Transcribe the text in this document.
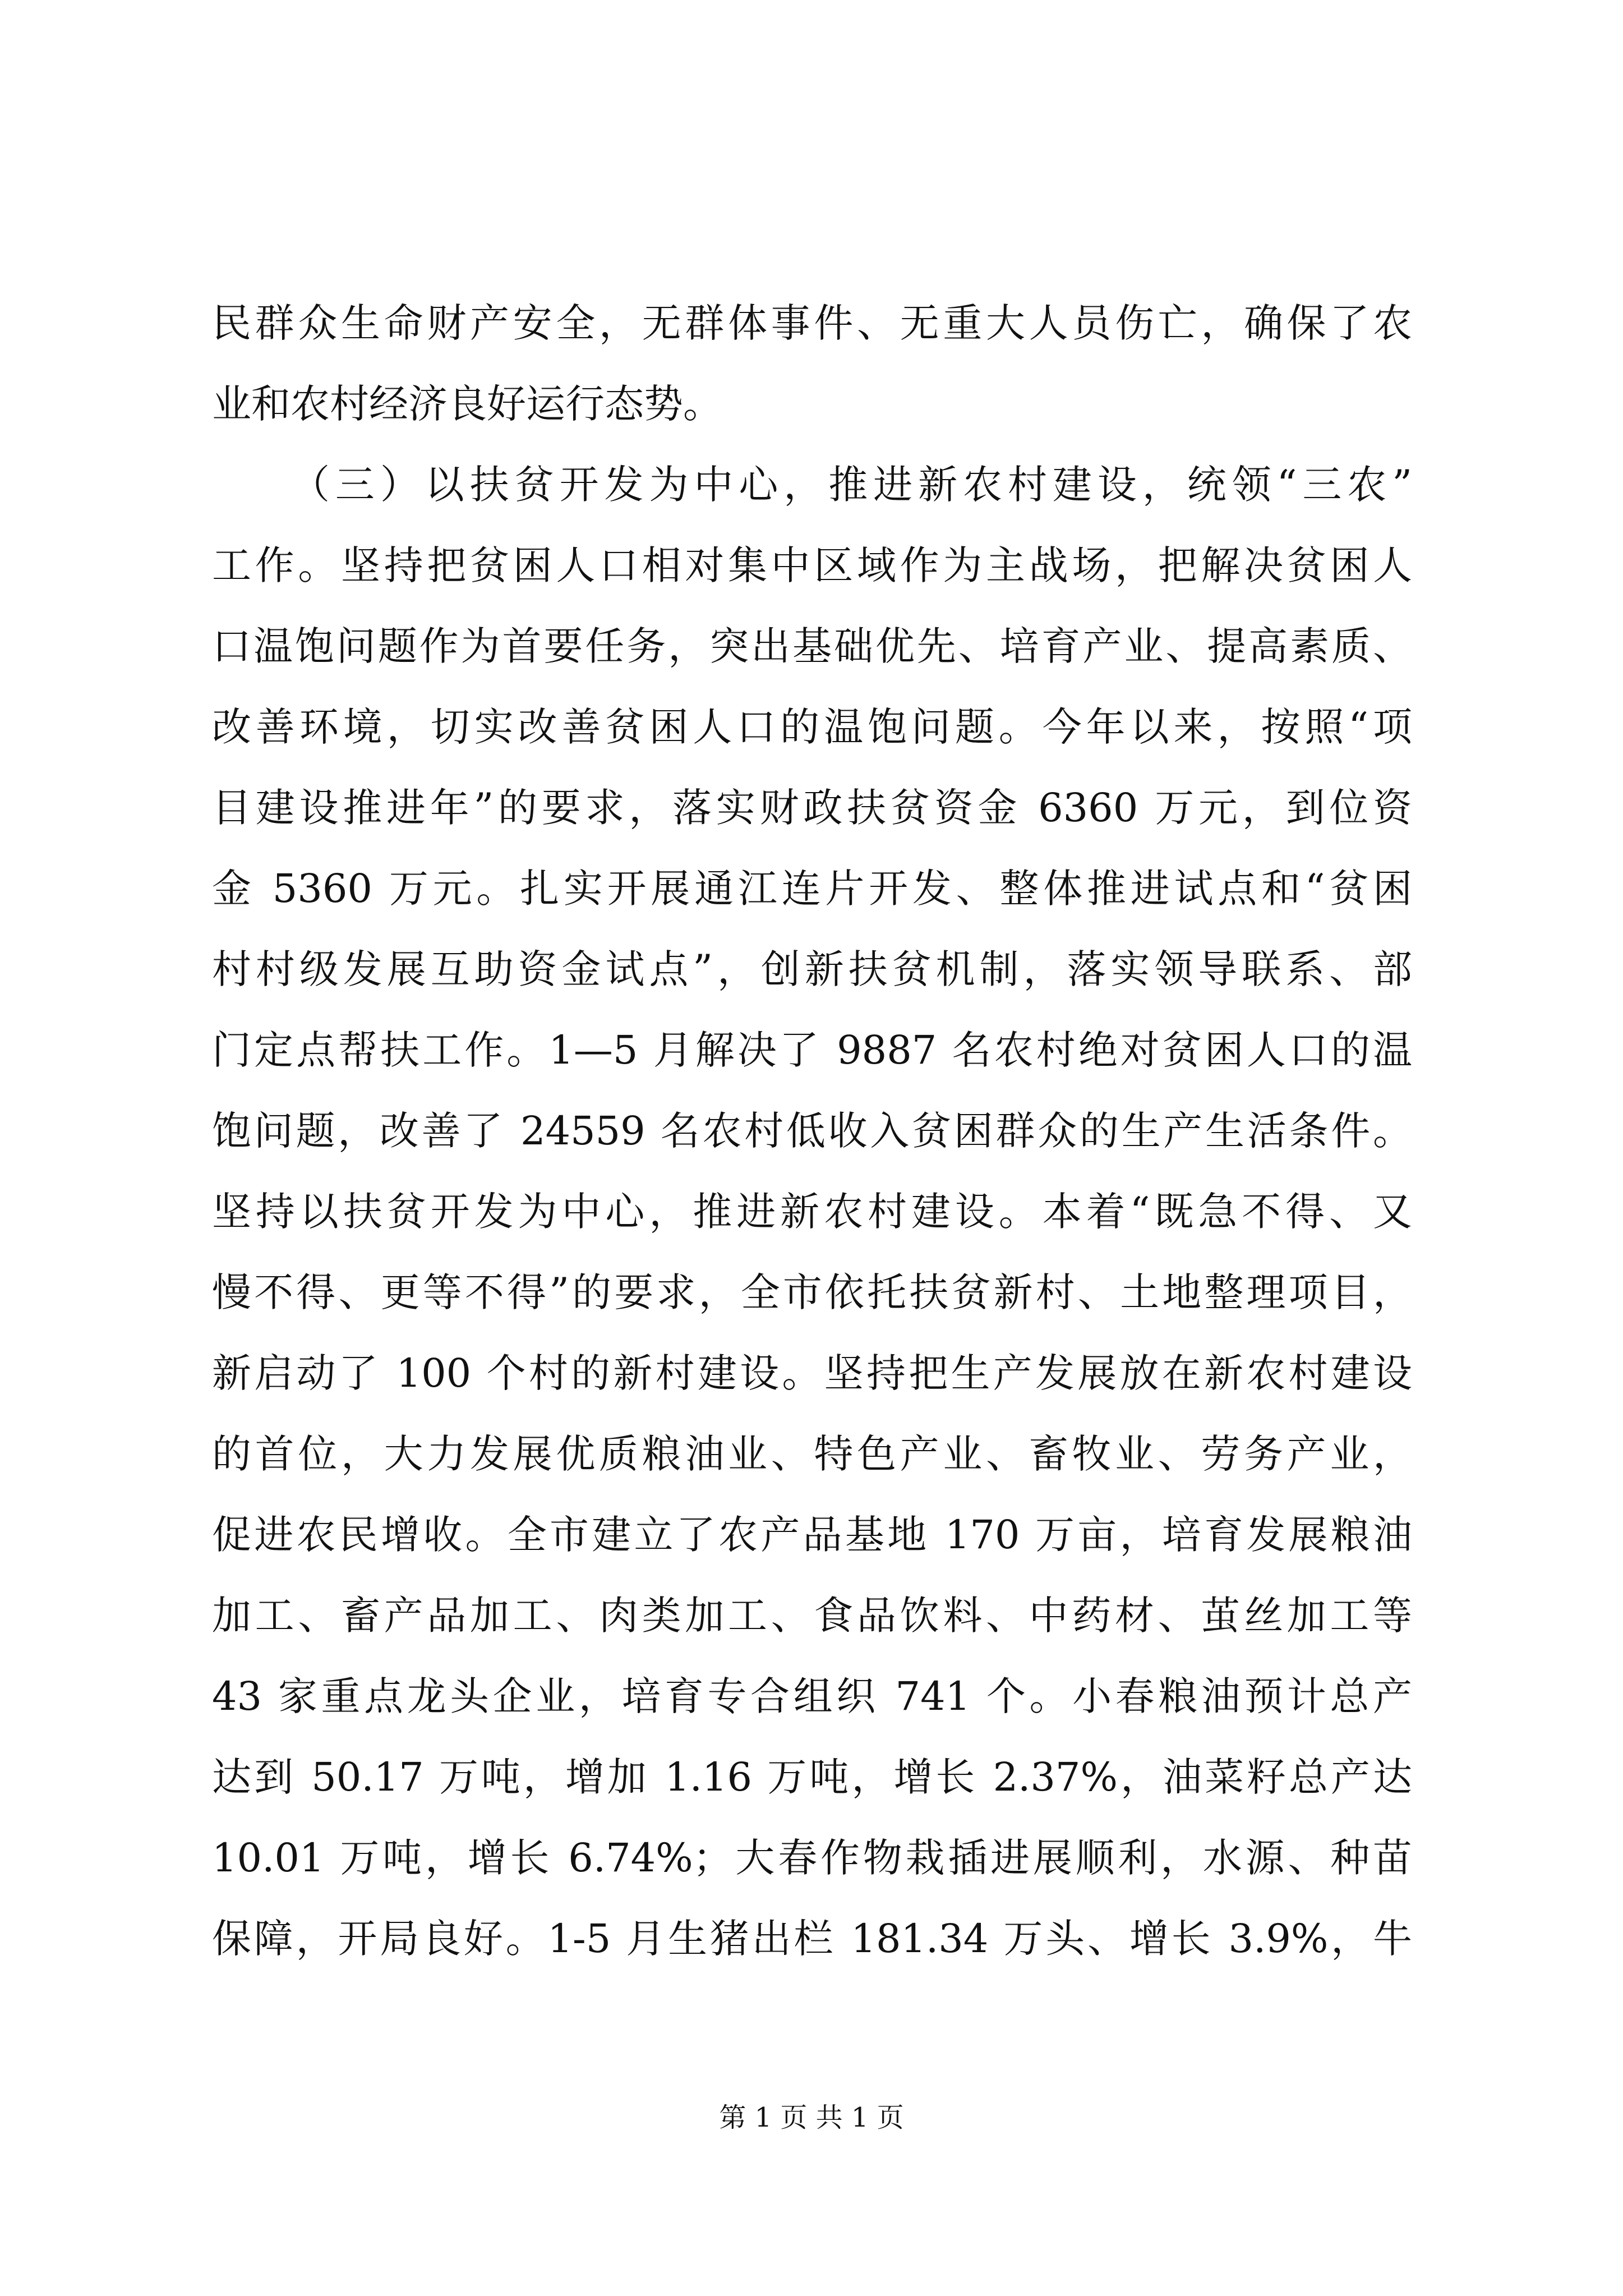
民群众生命财产安全，无群体事件、无重大人员伤亡，确保了农
业和农村经济良好运行态势。
（三）以扶贫开发为中心，推进新农村建设，统领“三农”
工作。坚持把贫困人口相对集中区域作为主战场，把解决贫困人
口温饱问题作为首要任务，突出基础优先、培育产业、提高素质、
改善环境，切实改善贫困人口的温饱问题。今年以来，按照“项
目建设推进年”的要求，落实财政扶贫资金 6360 万元，到位资
金 5360 万元。扎实开展通江连片开发、整体推进试点和“贫困
村村级发展互助资金试点”，创新扶贫机制，落实领导联系、部
门定点帮扶工作。1—5 月解决了 9887 名农村绝对贫困人口的温
饱问题，改善了 24559 名农村低收入贫困群众的生产生活条件。
坚持以扶贫开发为中心，推进新农村建设。本着“既急不得、又
慢不得、更等不得”的要求，全市依托扶贫新村、土地整理项目，
新启动了 100 个村的新村建设。坚持把生产发展放在新农村建设
的首位，大力发展优质粮油业、特色产业、畜牧业、劳务产业，
促进农民增收。全市建立了农产品基地 170 万亩，培育发展粮油
加工、畜产品加工、肉类加工、食品饮料、中药材、茧丝加工等
43 家重点龙头企业，培育专合组织 741 个。小春粮油预计总产
达到 50.17 万吨，增加 1.16 万吨，增长 2.37%，油菜籽总产达
10.01 万吨，增长 6.74%；大春作物栽插进展顺利，水源、种苗
保障，开局良好。1-5 月生猪出栏 181.34 万头、增长 3.9%，牛
第 1 页 共 1 页
